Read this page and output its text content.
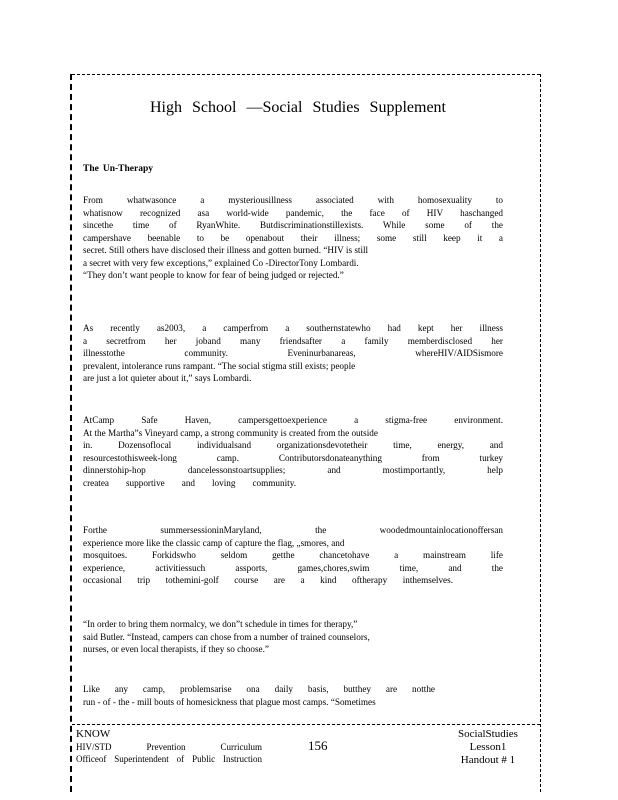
High School —Social Studies Supplement
The Un-Therapy
From whatwasonce a mysteriousillness associated with homosexuality to
whatisnow recognized asa world-wide pandemic, the face of HIV haschanged
sincethe time of RyanWhite. Butdiscriminationstillexists. While some of the
campershave beenable to be openabout their illness; some still keep it a
secret. Still others have disclosed their illness and gotten burned. “HIV is still
a secret with very few exceptions,” explained Co -DirectorTony Lombardi.
“They don’t want people to know for fear of being judged or rejected.”
As recently as2003, a camperfrom a southernstatewho had kept her illness
a secretfrom her joband many friendsafter a family memberdisclosed her
illnesstothe community. Eveninurbanareas, whereHIV/AIDSismore
prevalent, intolerance runs rampant. “The social stigma still exists; people
are just a lot quieter about it,” says Lombardi.
AtCamp Safe Haven, campersgettoexperience a stigma-free environment.
At the Martha”s Vineyard camp, a strong community is created from the outside
in. Dozensoflocal individualsand organizationsdevotetheir time, energy, and
resourcestothisweek-long camp. Contributorsdonateanything from turkey
dinnerstohip-hop dancelessonstoartsupplies; and mostimportantly, help
createa supportive and loving community.
Forthe summersessioninMaryland, the woodedmountainlocationoffersan
experience more like the classic camp of capture the flag, „smores, and
mosquitoes. Forkidswho seldom getthe chancetohave a mainstream life
experience, activitiessuch assports, games,chores,swim time, and the
occasional trip tothemini-golf course are a kind oftherapy inthemselves.
“In order to bring them normalcy, we don”t schedule in times for therapy,”
said Butler. “Instead, campers can chose from a number of trained counselors,
nurses, or even local therapists, if they so choose.”
Like any camp, problemsarise ona daily basis, butthey are notthe
run - of - the - mill bouts of homesickness that plague most camps. “Sometimes
KNOW
HIV/STD Prevention Curriculum
Officeof Superintendent of Public Instruction
156
SocialStudies
Lesson1
Handout # 1
